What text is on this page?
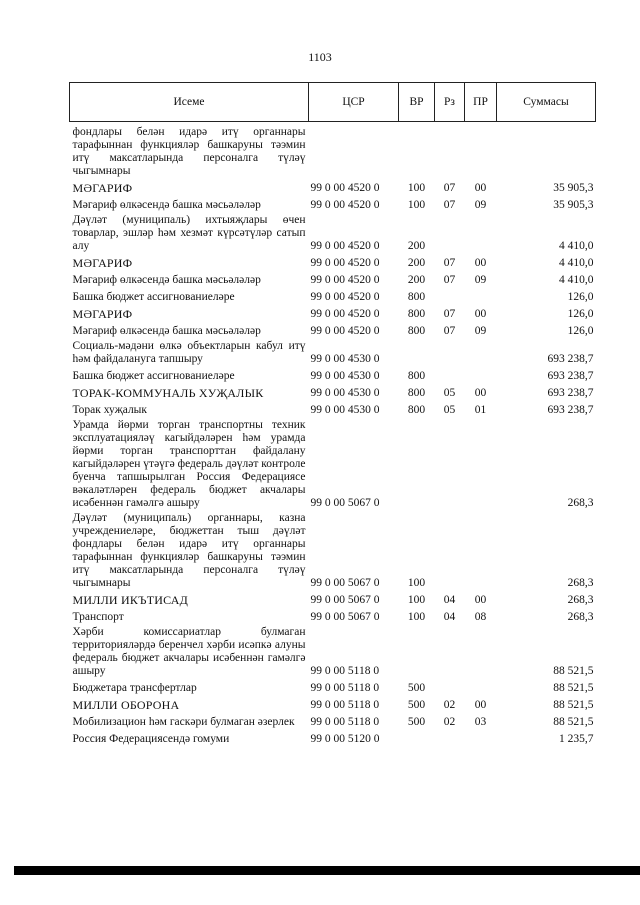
1103
Исеме	ЦСР	ВР	Рз	ПР	Суммасы
фондлары белән идарә итү органнары тарафыннан функцияләр башкаруны тәэмин итү максатларында персоналга түләү чыгымнары					
МӘГАРИФ	99 0 00 4520 0	100	07	00	35 905,3
Мәгариф өлкәсендә башка мәсьәләләр	99 0 00 4520 0	100	07	09	35 905,3
Дәүләт (муниципаль) ихтыяҗлары өчен товарлар, эшләр һәм хезмәт күрсәтүләр сатып алу	99 0 00 4520 0	200			4 410,0
МӘГАРИФ	99 0 00 4520 0	200	07	00	4 410,0
Мәгариф өлкәсендә башка мәсьәләләр	99 0 00 4520 0	200	07	09	4 410,0
Башка бюджет ассигнованиеләре	99 0 00 4520 0	800			126,0
МӘГАРИФ	99 0 00 4520 0	800	07	00	126,0
Мәгариф өлкәсендә башка мәсьәләләр	99 0 00 4520 0	800	07	09	126,0
Социаль-мәдәни өлкә объектларын кабул итү һәм файдалануга тапшыру	99 0 00 4530 0				693 238,7
Башка бюджет ассигнованиеләре	99 0 00 4530 0	800			693 238,7
ТОРАК-КОММУНАЛЬ ХУҖАЛЫК	99 0 00 4530 0	800	05	00	693 238,7
Торак хуҗалык	99 0 00 4530 0	800	05	01	693 238,7
Урамда йөрми торган транспортны техник эксплуатацияләү кагыйдәләрен һәм урамда йөрми торган транспорттан файдалану кагыйдәләрен үтәүгә федераль дәүләт контроле буенча тапшырылган Россия Федерациясе вәкаләтләрен федераль бюджет акчалары исәбеннән гамәлгә ашыру	99 0 00 5067 0				268,3
Дәүләт (муниципаль) органнары, казна учреждениеләре, бюджеттан тыш дәүләт фондлары белән идарә итү органнары тарафыннан функцияләр башкаруны тәэмин итү максатларында персоналга түләү чыгымнары	99 0 00 5067 0	100			268,3
МИЛЛИ ИКЪТИСАД	99 0 00 5067 0	100	04	00	268,3
Транспорт	99 0 00 5067 0	100	04	08	268,3
Хәрби комиссариатлар булмаган территорияләрдә беренчел хәрби исәпкә алуны федераль бюджет акчалары исәбеннән гамәлгә ашыру	99 0 00 5118 0				88 521,5
Бюджетара трансфертлар	99 0 00 5118 0	500			88 521,5
МИЛЛИ ОБОРОНА	99 0 00 5118 0	500	02	00	88 521,5
Мобилизацион һәм гаскәри булмаган әзерлек	99 0 00 5118 0	500	02	03	88 521,5
Россия Федерациясендә гомуми	99 0 00 5120 0				1 235,7
